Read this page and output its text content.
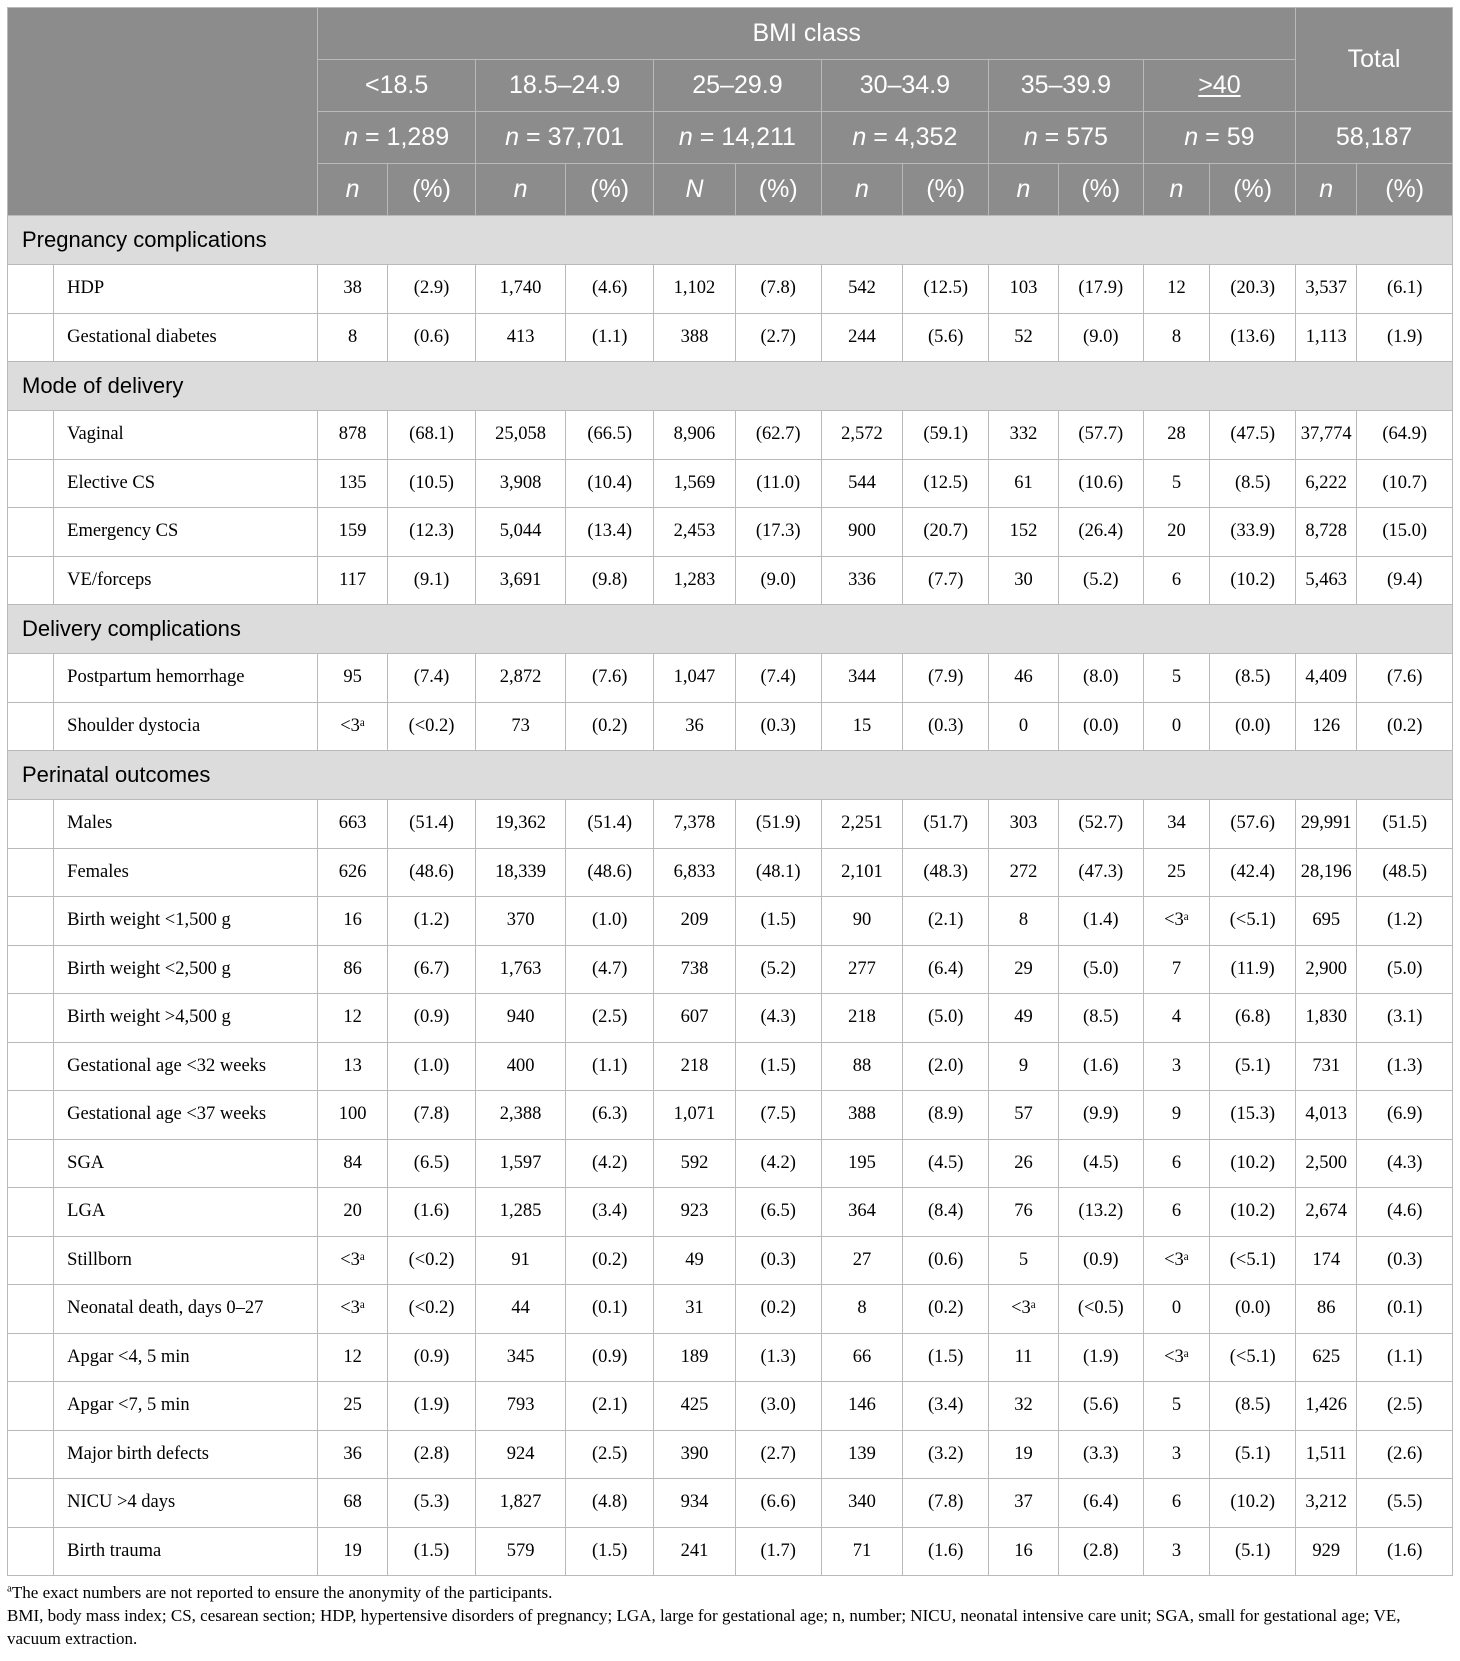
		BMI class												Total	
		<18.5		18.5–24.9		25–29.9		30–34.9		35–39.9		>40			
		n = 1,289		n = 37,701		n = 14,211		n = 4,352		n = 575		n = 59		58,187	
		n	(%)	n	(%)	N	(%)	n	(%)	n	(%)	n	(%)	n	(%)
Pregnancy complications															
	HDP	38	(2.9)	1,740	(4.6)	1,102	(7.8)	542	(12.5)	103	(17.9)	12	(20.3)	3,537	(6.1)
	Gestational diabetes	8	(0.6)	413	(1.1)	388	(2.7)	244	(5.6)	52	(9.0)	8	(13.6)	1,113	(1.9)
Mode of delivery															
	Vaginal	878	(68.1)	25,058	(66.5)	8,906	(62.7)	2,572	(59.1)	332	(57.7)	28	(47.5)	37,774	(64.9)
	Elective CS	135	(10.5)	3,908	(10.4)	1,569	(11.0)	544	(12.5)	61	(10.6)	5	(8.5)	6,222	(10.7)
	Emergency CS	159	(12.3)	5,044	(13.4)	2,453	(17.3)	900	(20.7)	152	(26.4)	20	(33.9)	8,728	(15.0)
	VE/forceps	117	(9.1)	3,691	(9.8)	1,283	(9.0)	336	(7.7)	30	(5.2)	6	(10.2)	5,463	(9.4)
Delivery complications															
	Postpartum hemorrhage	95	(7.4)	2,872	(7.6)	1,047	(7.4)	344	(7.9)	46	(8.0)	5	(8.5)	4,409	(7.6)
	Shoulder dystocia	<3ᵃ	(<0.2)	73	(0.2)	36	(0.3)	15	(0.3)	0	(0.0)	0	(0.0)	126	(0.2)
Perinatal outcomes															
	Males	663	(51.4)	19,362	(51.4)	7,378	(51.9)	2,251	(51.7)	303	(52.7)	34	(57.6)	29,991	(51.5)
	Females	626	(48.6)	18,339	(48.6)	6,833	(48.1)	2,101	(48.3)	272	(47.3)	25	(42.4)	28,196	(48.5)
	Birth weight <1,500 g	16	(1.2)	370	(1.0)	209	(1.5)	90	(2.1)	8	(1.4)	<3ᵃ	(<5.1)	695	(1.2)
	Birth weight <2,500 g	86	(6.7)	1,763	(4.7)	738	(5.2)	277	(6.4)	29	(5.0)	7	(11.9)	2,900	(5.0)
	Birth weight >4,500 g	12	(0.9)	940	(2.5)	607	(4.3)	218	(5.0)	49	(8.5)	4	(6.8)	1,830	(3.1)
	Gestational age <32 weeks	13	(1.0)	400	(1.1)	218	(1.5)	88	(2.0)	9	(1.6)	3	(5.1)	731	(1.3)
	Gestational age <37 weeks	100	(7.8)	2,388	(6.3)	1,071	(7.5)	388	(8.9)	57	(9.9)	9	(15.3)	4,013	(6.9)
	SGA	84	(6.5)	1,597	(4.2)	592	(4.2)	195	(4.5)	26	(4.5)	6	(10.2)	2,500	(4.3)
	LGA	20	(1.6)	1,285	(3.4)	923	(6.5)	364	(8.4)	76	(13.2)	6	(10.2)	2,674	(4.6)
	Stillborn	<3ᵃ	(<0.2)	91	(0.2)	49	(0.3)	27	(0.6)	5	(0.9)	<3ᵃ	(<5.1)	174	(0.3)
	Neonatal death, days 0–27	<3ᵃ	(<0.2)	44	(0.1)	31	(0.2)	8	(0.2)	<3ᵃ	(<0.5)	0	(0.0)	86	(0.1)
	Apgar <4, 5 min	12	(0.9)	345	(0.9)	189	(1.3)	66	(1.5)	11	(1.9)	<3ᵃ	(<5.1)	625	(1.1)
	Apgar <7, 5 min	25	(1.9)	793	(2.1)	425	(3.0)	146	(3.4)	32	(5.6)	5	(8.5)	1,426	(2.5)
	Major birth defects	36	(2.8)	924	(2.5)	390	(2.7)	139	(3.2)	19	(3.3)	3	(5.1)	1,511	(2.6)
	NICU >4 days	68	(5.3)	1,827	(4.8)	934	(6.6)	340	(7.8)	37	(6.4)	6	(10.2)	3,212	(5.5)
	Birth trauma	19	(1.5)	579	(1.5)	241	(1.7)	71	(1.6)	16	(2.8)	3	(5.1)	929	(1.6)

$^a$The exact numbers are not reported to ensure the anonymity of the participants.

BMI, body mass index; CS, cesarean section; HDP, hypertensive disorders of pregnancy; LGA, large for gestational age; n, number; NICU, neonatal intensive care unit; SGA, small for gestational age; VE, vacuum extraction.
